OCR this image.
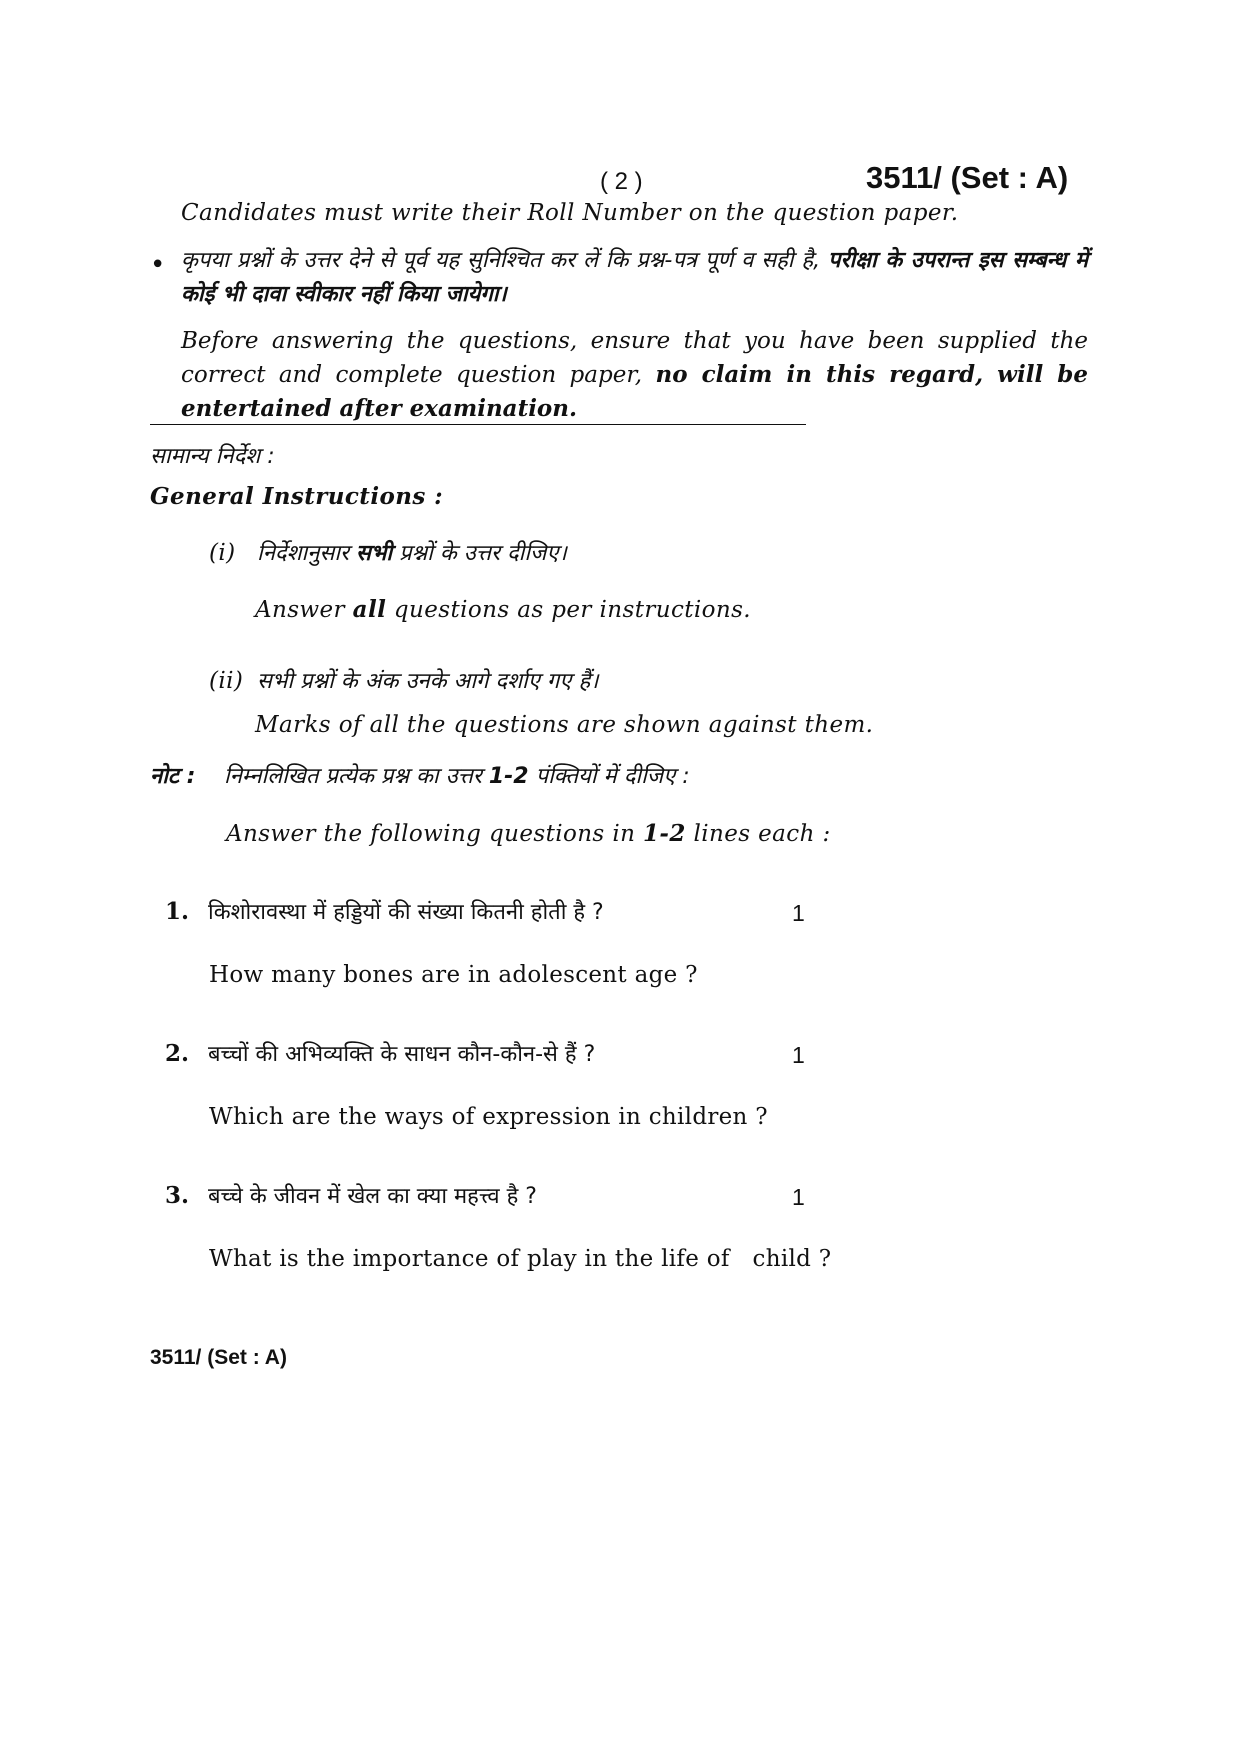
( 2 )	3511/ (Set : A)
Candidates must write their Roll Number on the question paper.
• कृपया प्रश्नों के उत्तर देने से पूर्व यह सुनिश्चित कर लें कि प्रश्न-पत्र पूर्ण व सही है, परीक्षा के उपरान्त इस सम्बन्ध में कोई भी दावा स्वीकार नहीं किया जायेगा।
Before answering the questions, ensure that you have been supplied the correct and complete question paper, no claim in this regard, will be entertained after examination.
सामान्य निर्देश :
General Instructions :
(i) निर्देशानुसार सभी प्रश्नों के उत्तर दीजिए।
Answer all questions as per instructions.
(ii) सभी प्रश्नों के अंक उनके आगे दर्शाए गए हैं।
Marks of all the questions are shown against them.
नोट : निम्नलिखित प्रत्येक प्रश्न का उत्तर 1-2 पंक्तियों में दीजिए :
Answer the following questions in 1-2 lines each :
1. किशोरावस्था में हड्डियों की संख्या कितनी होती है ?	1
How many bones are in adolescent age ?
2. बच्चों की अभिव्यक्ति के साधन कौन-कौन-से हैं ?	1
Which are the ways of expression in children ?
3. बच्चे के जीवन में खेल का क्या महत्त्व है ?	1
What is the importance of play in the life of   child ?
3511/ (Set : A)
